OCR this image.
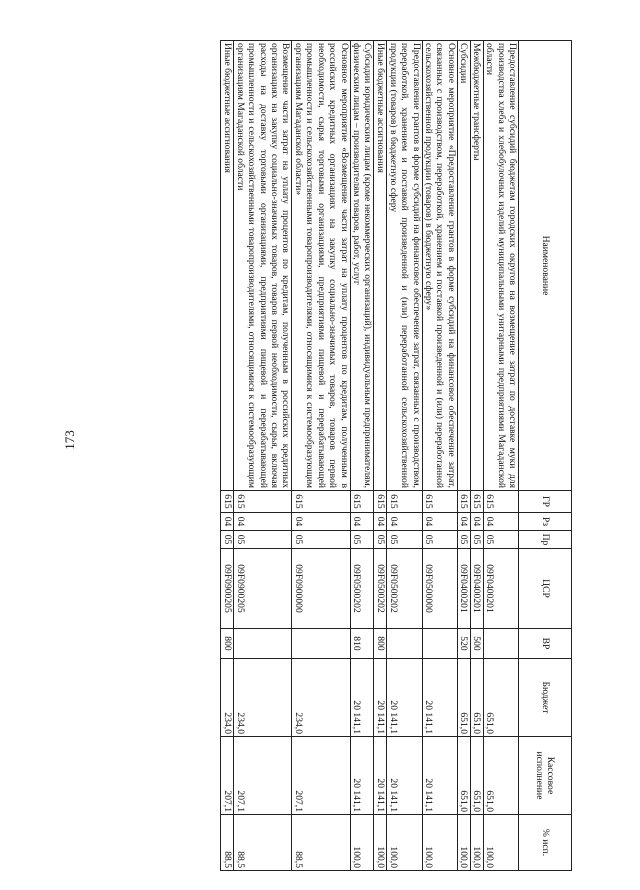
173
Наименование	ГР	Рз	Пр	ЦСР	ВР	Бюджет	Кассовое исполнение	% исп.
Предоставление субсидий бюджетам городских округов на возмещение затрат по доставке муки для производства хлеба и хлебобулочных изделий муниципальными унитарными предприятиями Магаданской области	615	04	05	09F0400201		651,0	651,0	100,0
Межбюджетные трансферты	615	04	05	09F0400201	500	651,0	651,0	100,0
Субсидии	615	04	05	09F0400201	520	651,0	651,0	100,0
Основное мероприятие «Предоставление грантов в форме субсидий на финансовое обеспечение затрат, связанных с производством, переработкой, хранением и поставкой произведенной и (или) переработанной сельскохозяйственной продукции (товаров) в бюджетную сферу»	615	04	05	09F0500000		20 141,1	20 141,1	100,0
Предоставление грантов в форме субсидий на финансовое обеспечение затрат, связанных с производством, переработкой, хранением и поставкой произведенной и (или) переработанной сельскохозяйственной продукции (товаров) в бюджетную сферу	615	04	05	09F0500202		20 141,1	20 141,1	100,0
Иные бюджетные ассигнования	615	04	05	09F0500202	800	20 141,1	20 141,1	100,0
Субсидии юридическим лицам (кроме некоммерческих организаций), индивидуальным предпринимателям, физическим лицам – производителям товаров, работ, услуг	615	04	05	09F0500202	810	20 141,1	20 141,1	100,0
Основное мероприятие «Возмещение части затрат на уплату процентов по кредитам, полученным в российских кредитных организациях на закупку социально-значимых товаров, товаров первой необходимости, сырья торговыми организациями, предприятиями пищевой и перерабатывающей промышленности и сельскохозяйственными товаропроизводителями, относящимися к системообразующим организациям Магаданской области»	615	04	05	09F0900000		234,0	207,1	88,5
Возмещение части затрат на уплату процентов по кредитам, полученным в российских кредитных организациях на закупку социально-значимых товаров, товаров первой необходимости, сырья, включая расходы на доставку торговыми организациями, предприятиями пищевой и перерабатывающей промышленности и сельскохозяйственными товаропроизводителями, относящимися к системообразующим организациям Магаданской области	615	04	05	09F0900205		234,0	207,1	88,5
Иные бюджетные ассигнования	615	04	05	09F0900205	800	234,0	207,1	88,5
